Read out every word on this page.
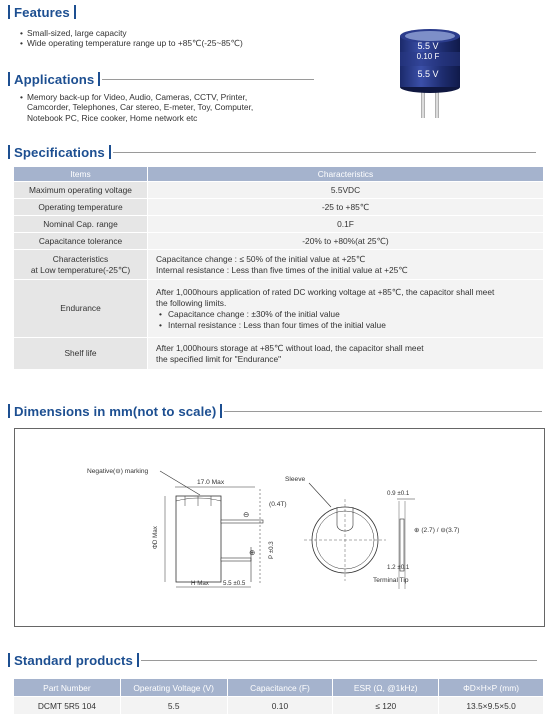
Features
• Small-sized, large capacity
• Wide operating temperature range up to +85℃(-25~85℃)	5.5 V
0.10 F
5.5 V
Applications
• Memory back-up for Video, Audio, Cameras, CCTV, Printer,
Camcorder, Telephones, Car stereo, E-meter, Toy, Computer,
Notebook PC, Rice cooker, Home network etc
Specifications
Items	Characteristics
Maximum operating voltage	5.5VDC
Operating temperature	-25 to +85℃
Nominal Cap. range	0.1F
Capacitance tolerance	-20% to +80%(at 25℃)
Characteristics
at Low temperature(-25℃)	Capacitance change : ≤ 50% of the initial value at +25℃
Internal resistance : Less than five times of the initial value at +25℃
Endurance	After 1,000hours application of rated DC working voltage at +85℃, the capacitor shall meet
the following limits.
• Capacitance change : ±30% of the initial value
• Internal resistance : Less than four times of the initial value

Shelf life	After 1,000hours storage at +85℃ without load, the capacitor shall meet
the specified limit for "Endurance"
Dimensions in mm(not to scale)
Negative(⊖) marking
17.0 Max
(0.4T)
⊖
⊕
ΦD Max
P ±0.3
H Max 5.5 ±0.5
Sleeve
0.9 ±0.1
⊕ (2.7) / ⊖(3.7)
1.2 ±0.1
Terminal Tip
Standard products
Part Number	Operating Voltage (V)	Capacitance (F)	ESR (Ω, @1kHz)	ΦD×H×P (mm)
DCMT 5R5 104	5.5	0.10	≤ 120	13.5×9.5×5.0
